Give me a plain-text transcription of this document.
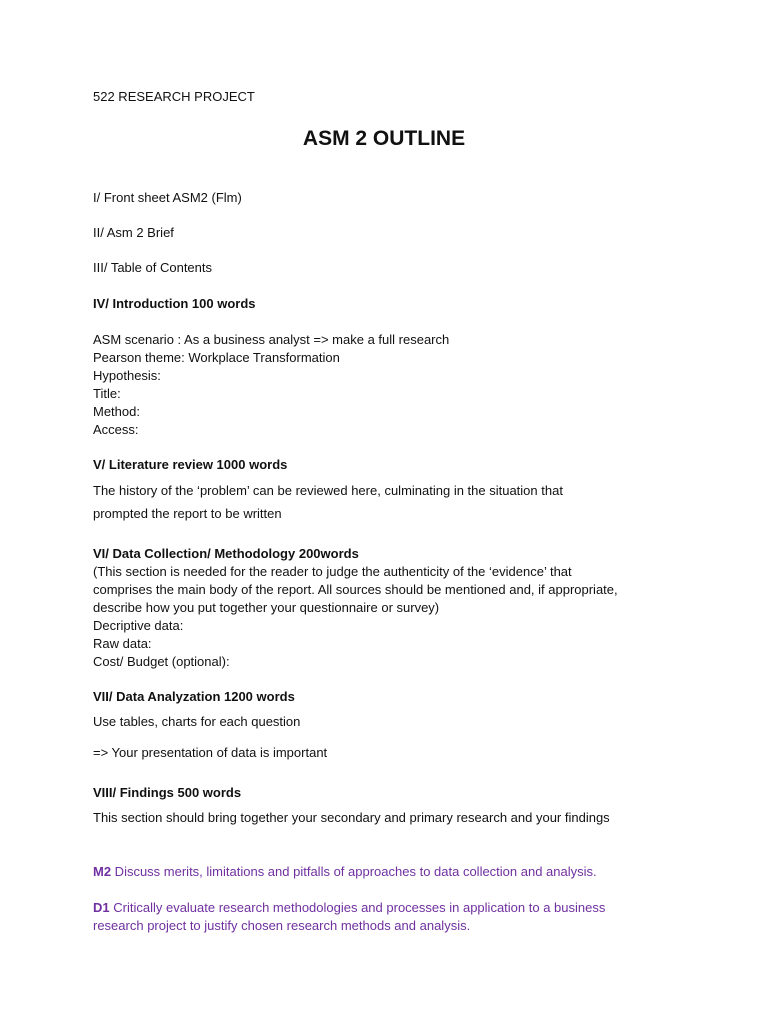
522 RESEARCH PROJECT
ASM 2 OUTLINE
I/ Front sheet ASM2 (Flm)
II/ Asm 2 Brief
III/ Table of Contents
IV/ Introduction 100 words
ASM scenario : As a business analyst => make a full research
Pearson theme: Workplace Transformation
Hypothesis:
Title:
Method:
Access:
V/ Literature review 1000 words
The history of the ‘problem’ can be reviewed here, culminating in the situation that
prompted the report to be written
VI/ Data Collection/ Methodology 200words
(This section is needed for the reader to judge the authenticity of the ‘evidence’ that
comprises the main body of the report. All sources should be mentioned and, if appropriate,
describe how you put together your questionnaire or survey)
Decriptive data:
Raw data:
Cost/ Budget (optional):
VII/ Data Analyzation 1200 words
Use tables, charts for each question
=> Your presentation of data is important
VIII/ Findings 500 words
This section should bring together your secondary and primary research and your findings
M2 Discuss merits, limitations and pitfalls of approaches to data collection and analysis.
D1 Critically evaluate research methodologies and processes in application to a business
research project to justify chosen research methods and analysis.
